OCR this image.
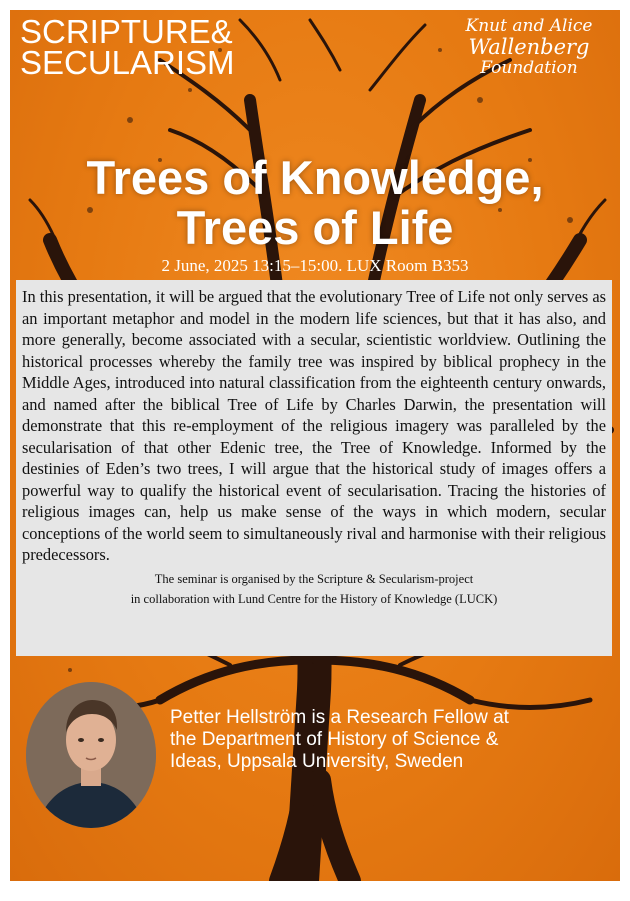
SCRIPTURE&
SECULARISM
Knut and Alice
Wallenberg
Foundation
Trees of Knowledge,
Trees of Life
2 June, 2025 13:15–15:00. LUX Room B353

In this presentation, it will be argued that the evolutionary Tree of Life not only serves as an important metaphor and model in the modern life sciences, but that it has also, and more generally, become associated with a secular, scientistic worldview. Outlining the historical processes whereby the family tree was inspired by biblical prophecy in the Middle Ages, introduced into natural classification from the eighteenth century onwards, and named after the biblical Tree of Life by Charles Darwin, the presentation will demonstrate that this re-employment of the religious imagery was paralleled by the secularisation of that other Edenic tree, the Tree of Knowledge. Informed by the destinies of Eden’s two trees, I will argue that the historical study of images offers a powerful way to qualify the historical event of secularisation. Tracing the histories of religious images can, help us make sense of the ways in which modern, secular conceptions of the world seem to simultaneously rival and harmonise with their religious predecessors.

The seminar is organised by the Scripture & Secularism-project
in collaboration with Lund Centre for the History of Knowledge (LUCK)
Petter Hellström is a Research Fellow at
the Department of History of Science &
Ideas, Uppsala University, Sweden
